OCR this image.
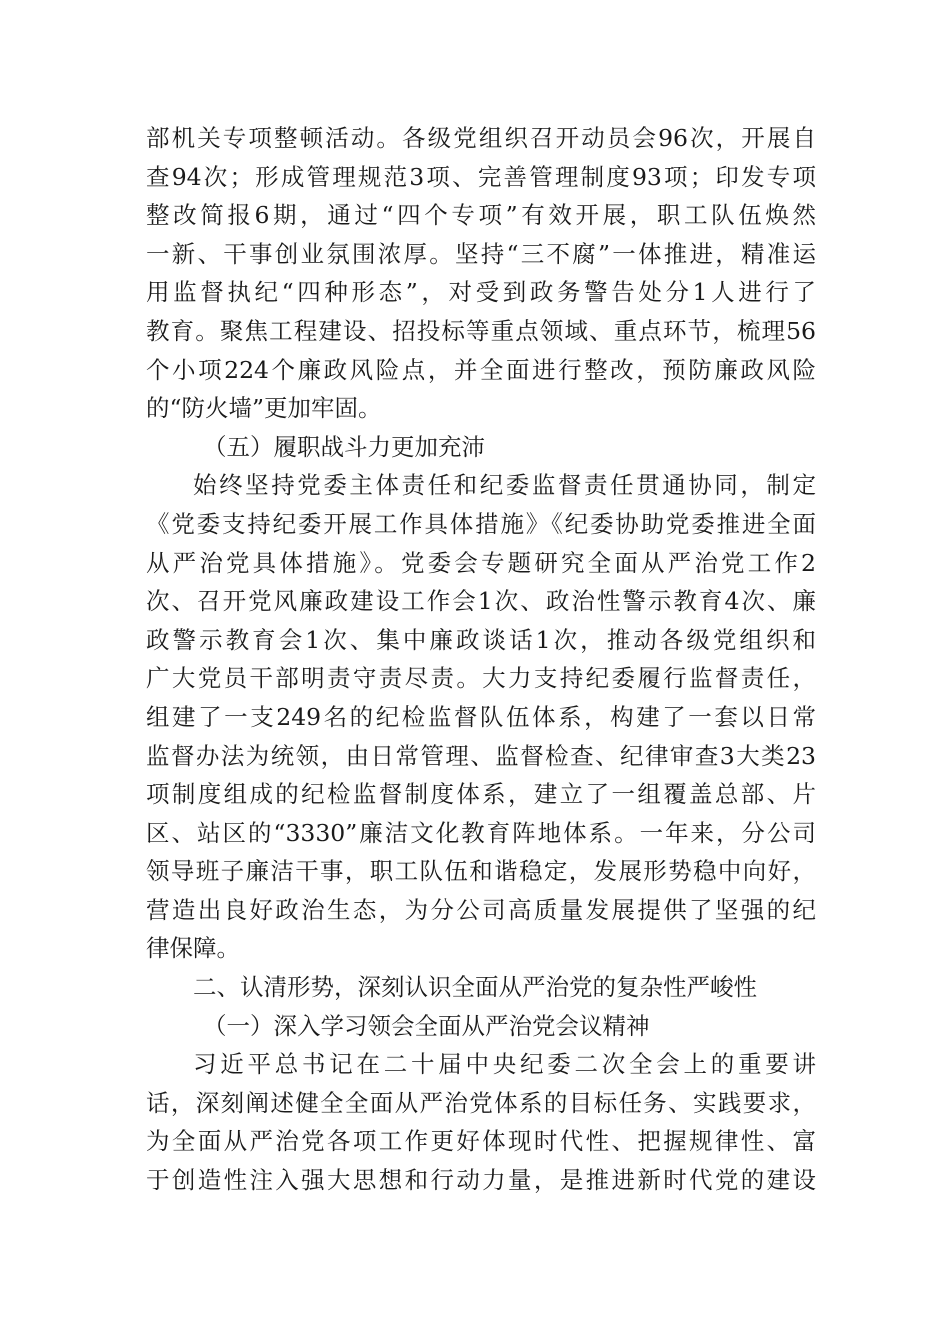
部机关专项整顿活动。各级党组织召开动员会96次，开展自
查94次；形成管理规范3项、完善管理制度93项；印发专项
整改简报6期，通过“四个专项”有效开展，职工队伍焕然
一新、干事创业氛围浓厚。坚持“三不腐”一体推进，精准运
用监督执纪“四种形态”，对受到政务警告处分1人进行了
教育。聚焦工程建设、招投标等重点领域、重点环节，梳理56
个小项224个廉政风险点，并全面进行整改，预防廉政风险
的“防火墙”更加牢固。
（五）履职战斗力更加充沛
始终坚持党委主体责任和纪委监督责任贯通协同，制定
《党委支持纪委开展工作具体措施》《纪委协助党委推进全面
从严治党具体措施》。党委会专题研究全面从严治党工作2
次、召开党风廉政建设工作会1次、政治性警示教育4次、廉
政警示教育会1次、集中廉政谈话1次，推动各级党组织和
广大党员干部明责守责尽责。大力支持纪委履行监督责任，
组建了一支249名的纪检监督队伍体系，构建了一套以日常
监督办法为统领，由日常管理、监督检查、纪律审查3大类23
项制度组成的纪检监督制度体系，建立了一组覆盖总部、片
区、站区的“3330”廉洁文化教育阵地体系。一年来，分公司
领导班子廉洁干事，职工队伍和谐稳定，发展形势稳中向好，
营造出良好政治生态，为分公司高质量发展提供了坚强的纪
律保障。
二、认清形势，深刻认识全面从严治党的复杂性严峻性
（一）深入学习领会全面从严治党会议精神
习近平总书记在二十届中央纪委二次全会上的重要讲
话，深刻阐述健全全面从严治党体系的目标任务、实践要求，
为全面从严治党各项工作更好体现时代性、把握规律性、富
于创造性注入强大思想和行动力量，是推进新时代党的建设
